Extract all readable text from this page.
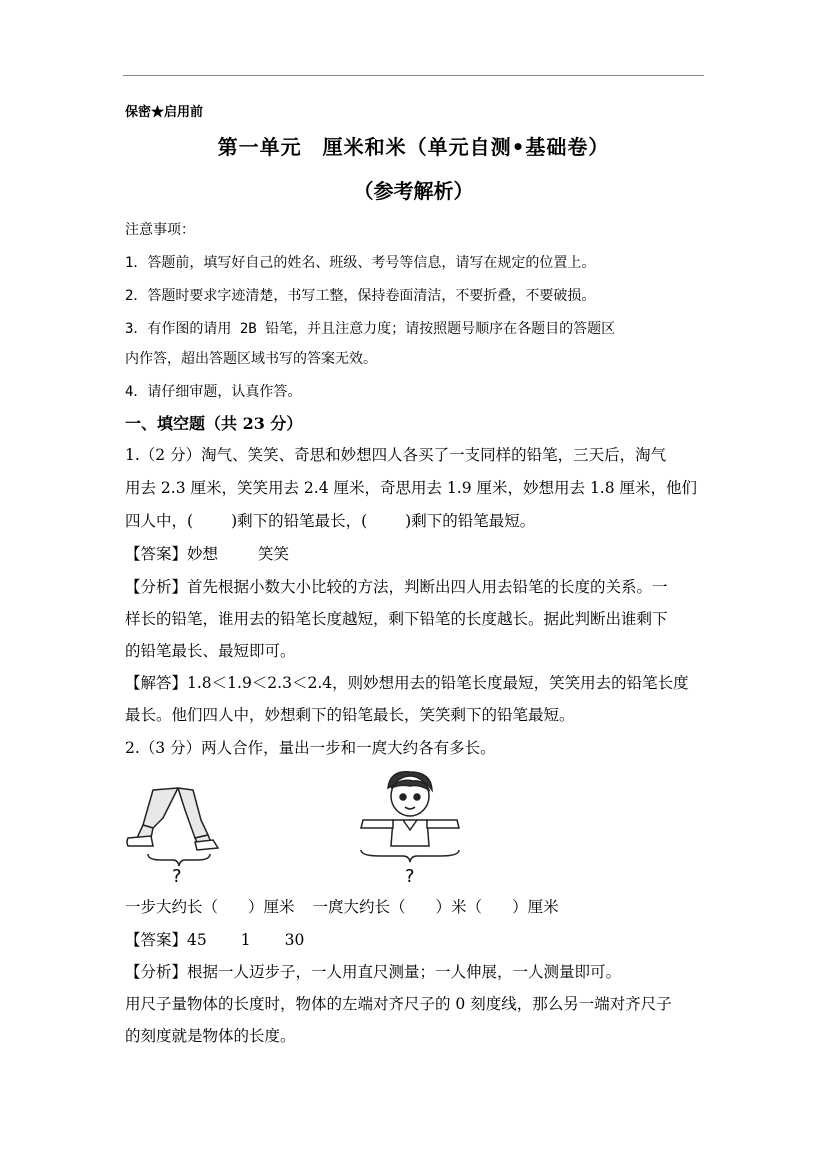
保密★启用前
第一单元　厘米和米（单元自测•基础卷）
（参考解析）
注意事项：
1．答题前，填写好自己的姓名、班级、考号等信息，请写在规定的位置上。
2．答题时要求字迹清楚，书写工整，保持卷面清洁，不要折叠，不要破损。
3．有作图的请用 2B 铅笔，并且注意力度；请按照题号顺序在各题目的答题区
内作答，超出答题区域书写的答案无效。
4．请仔细审题，认真作答。
一、填空题（共 23 分）
1.（2 分）淘气、笑笑、奇思和妙想四人各买了一支同样的铅笔，三天后，淘气
用去 2.3 厘米，笑笑用去 2.4 厘米，奇思用去 1.9 厘米，妙想用去 1.8 厘米，他们
四人中，( )剩下的铅笔最长，( )剩下的铅笔最短。
【答案】妙想	笑笑
【分析】首先根据小数大小比较的方法，判断出四人用去铅笔的长度的关系。一
样长的铅笔，谁用去的铅笔长度越短，剩下铅笔的长度越长。据此判断出谁剩下
的铅笔最长、最短即可。
【解答】1.8＜1.9＜2.3＜2.4，则妙想用去的铅笔长度最短，笑笑用去的铅笔长度
最长。他们四人中，妙想剩下的铅笔最长，笑笑剩下的铅笔最短。
2.（3 分）两人合作，量出一步和一庹大约各有多长。
?	?
一步大约长（ ）厘米 一庹大约长（ ）米（ ）厘米
【答案】45 1 30
【分析】根据一人迈步子，一人用直尺测量；一人伸展，一人测量即可。
用尺子量物体的长度时，物体的左端对齐尺子的 0 刻度线，那么另一端对齐尺子
的刻度就是物体的长度。
